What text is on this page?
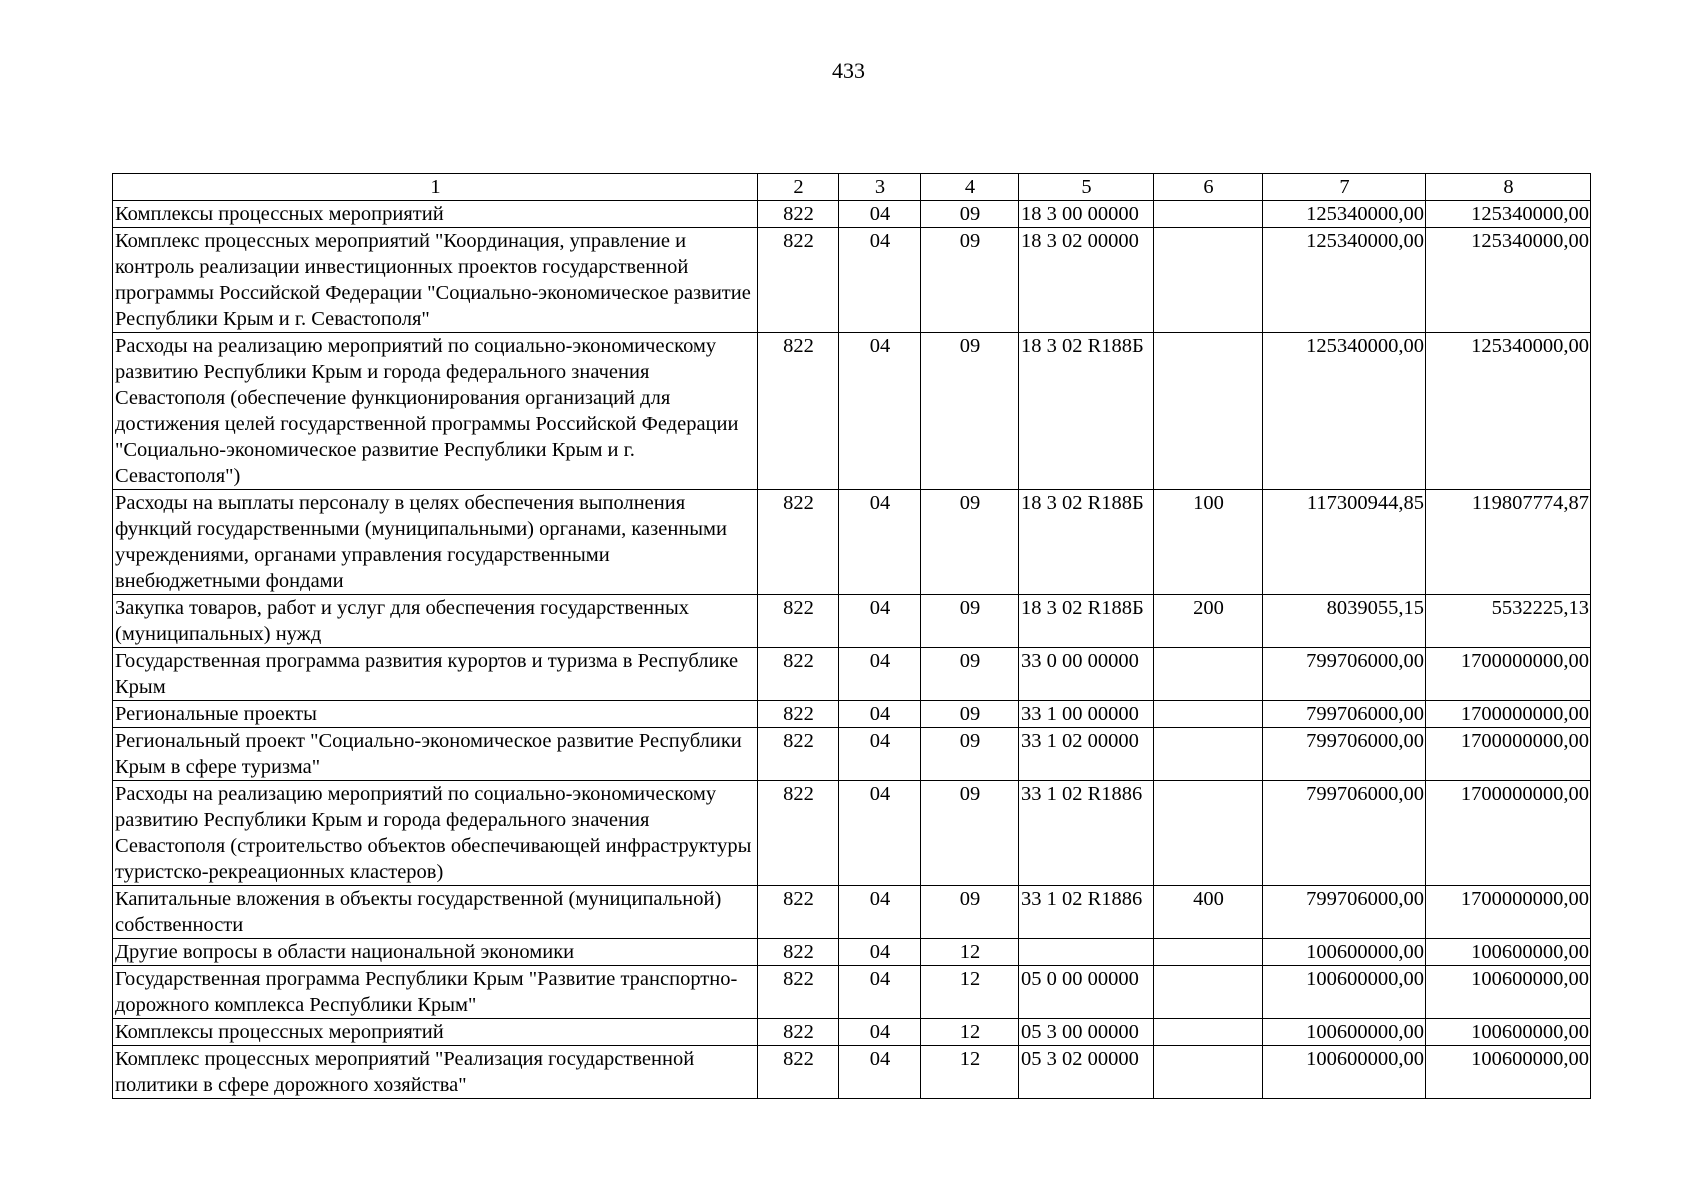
433
1	2	3	4	5	6	7	8
Комплексы процессных мероприятий	822	04	09	18 3 00 00000		125340000,00	125340000,00
Комплекс процессных мероприятий "Координация, управление и контроль реализации инвестиционных проектов государственной программы Российской Федерации "Социально-экономическое развитие Республики Крым и г. Севастополя"	822	04	09	18 3 02 00000		125340000,00	125340000,00
Расходы на реализацию мероприятий по социально-экономическому развитию Республики Крым и города федерального значения Севастополя (обеспечение функционирования организаций для достижения целей государственной программы Российской Федерации "Социально-экономическое развитие Республики Крым и г. Севастополя")	822	04	09	18 3 02 R188Б		125340000,00	125340000,00
Расходы на выплаты персоналу в целях обеспечения выполнения функций государственными (муниципальными) органами, казенными учреждениями, органами управления государственными внебюджетными фондами	822	04	09	18 3 02 R188Б	100	117300944,85	119807774,87
Закупка товаров, работ и услуг для обеспечения государственных (муниципальных) нужд	822	04	09	18 3 02 R188Б	200	8039055,15	5532225,13
Государственная программа развития курортов и туризма в Республике Крым	822	04	09	33 0 00 00000		799706000,00	1700000000,00
Региональные проекты	822	04	09	33 1 00 00000		799706000,00	1700000000,00
Региональный проект "Социально-экономическое развитие Республики Крым в сфере туризма"	822	04	09	33 1 02 00000		799706000,00	1700000000,00
Расходы на реализацию мероприятий по социально-экономическому развитию Республики Крым и города федерального значения Севастополя (строительство объектов обеспечивающей инфраструктуры туристско-рекреационных кластеров)	822	04	09	33 1 02 R1886		799706000,00	1700000000,00
Капитальные вложения в объекты государственной (муниципальной) собственности	822	04	09	33 1 02 R1886	400	799706000,00	1700000000,00
Другие вопросы в области национальной экономики	822	04	12			100600000,00	100600000,00
Государственная программа Республики Крым "Развитие транспортно-дорожного комплекса Республики Крым"	822	04	12	05 0 00 00000		100600000,00	100600000,00
Комплексы процессных мероприятий	822	04	12	05 3 00 00000		100600000,00	100600000,00
Комплекс процессных мероприятий "Реализация государственной политики в сфере дорожного хозяйства"	822	04	12	05 3 02 00000		100600000,00	100600000,00
